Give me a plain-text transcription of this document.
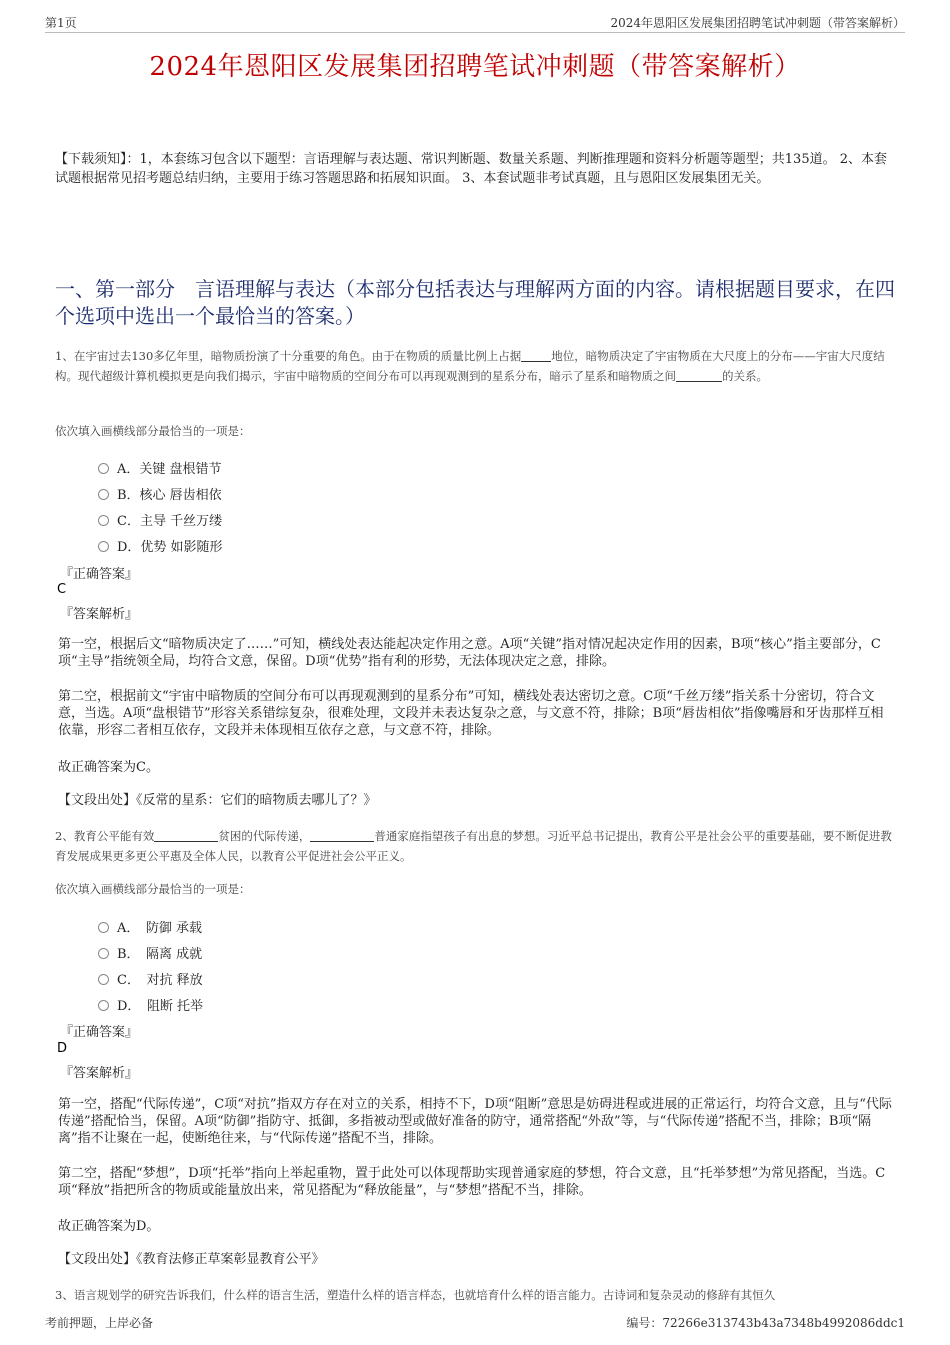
第1页	2024年恩阳区发展集团招聘笔试冲刺题（带答案解析）
2024年恩阳区发展集团招聘笔试冲刺题（带答案解析）
【下载须知】：1，本套练习包含以下题型：言语理解与表达题、常识判断题、数量关系题、判断推理题和资料分析题等题型；共135道。 2、本套试题根据常见招考题总结归纳，主要用于练习答题思路和拓展知识面。 3、本套试题非考试真题，且与恩阳区发展集团无关。
一、第一部分　言语理解与表达（本部分包括表达与理解两方面的内容。请根据题目要求，在四个选项中选出一个最恰当的答案。）
1、在宇宙过去130多亿年里，暗物质扮演了十分重要的角色。由于在物质的质量比例上占据	地位，暗物质决定了宇宙物质在大尺度上的分布——宇宙大尺度结构。现代超级计算机模拟更是向我们揭示，宇宙中暗物质的空间分布可以再现观测到的星系分布，暗示了星系和暗物质之间	的关系。
依次填入画横线部分最恰当的一项是：
A．关键 盘根错节
B．核心 唇齿相依
C．主导 千丝万缕
D．优势 如影随形
『正确答案』
C
『答案解析』
第一空，根据后文“暗物质决定了……”可知，横线处表达能起决定作用之意。A项“关键”指对情况起决定作用的因素，B项“核心”指主要部分，C项“主导”指统领全局，均符合文意，保留。D项“优势”指有利的形势，无法体现决定之意，排除。
第二空，根据前文“宇宙中暗物质的空间分布可以再现观测到的星系分布”可知，横线处表达密切之意。C项“千丝万缕”指关系十分密切，符合文意，当选。A项“盘根错节”形容关系错综复杂，很难处理，文段并未表达复杂之意，与文意不符，排除；B项“唇齿相依”指像嘴唇和牙齿那样互相依靠，形容二者相互依存，文段并未体现相互依存之意，与文意不符，排除。
故正确答案为C。
【文段出处】《反常的星系：它们的暗物质去哪儿了？》
2、教育公平能有效	贫困的代际传递，	普通家庭指望孩子有出息的梦想。习近平总书记提出，教育公平是社会公平的重要基础，要不断促进教育发展成果更多更公平惠及全体人民，以教育公平促进社会公平正义。
依次填入画横线部分最恰当的一项是：
A．　防御 承载
B．　隔离 成就
C．　对抗 释放
D．　阻断 托举
『正确答案』
D
『答案解析』
第一空，搭配“代际传递”，C项“对抗”指双方存在对立的关系，相持不下，D项“阻断”意思是妨碍进程或进展的正常运行，均符合文意，且与“代际传递”搭配恰当，保留。A项“防御”指防守、抵御，多指被动型或做好准备的防守，通常搭配“外敌”等，与“代际传递”搭配不当，排除；B项“隔离”指不让聚在一起，使断绝往来，与“代际传递”搭配不当，排除。
第二空，搭配“梦想”，D项“托举”指向上举起重物，置于此处可以体现帮助实现普通家庭的梦想，符合文意，且“托举梦想”为常见搭配，当选。C项“释放”指把所含的物质或能量放出来，常见搭配为“释放能量”，与“梦想”搭配不当，排除。
故正确答案为D。
【文段出处】《教育法修正草案彰显教育公平》
3、语言规划学的研究告诉我们，什么样的语言生活，塑造什么样的语言样态，也就培育什么样的语言能力。古诗词和复杂灵动的修辞有其恒久
考前押题，上岸必备	编号：72266e313743b43a7348b4992086ddc1
